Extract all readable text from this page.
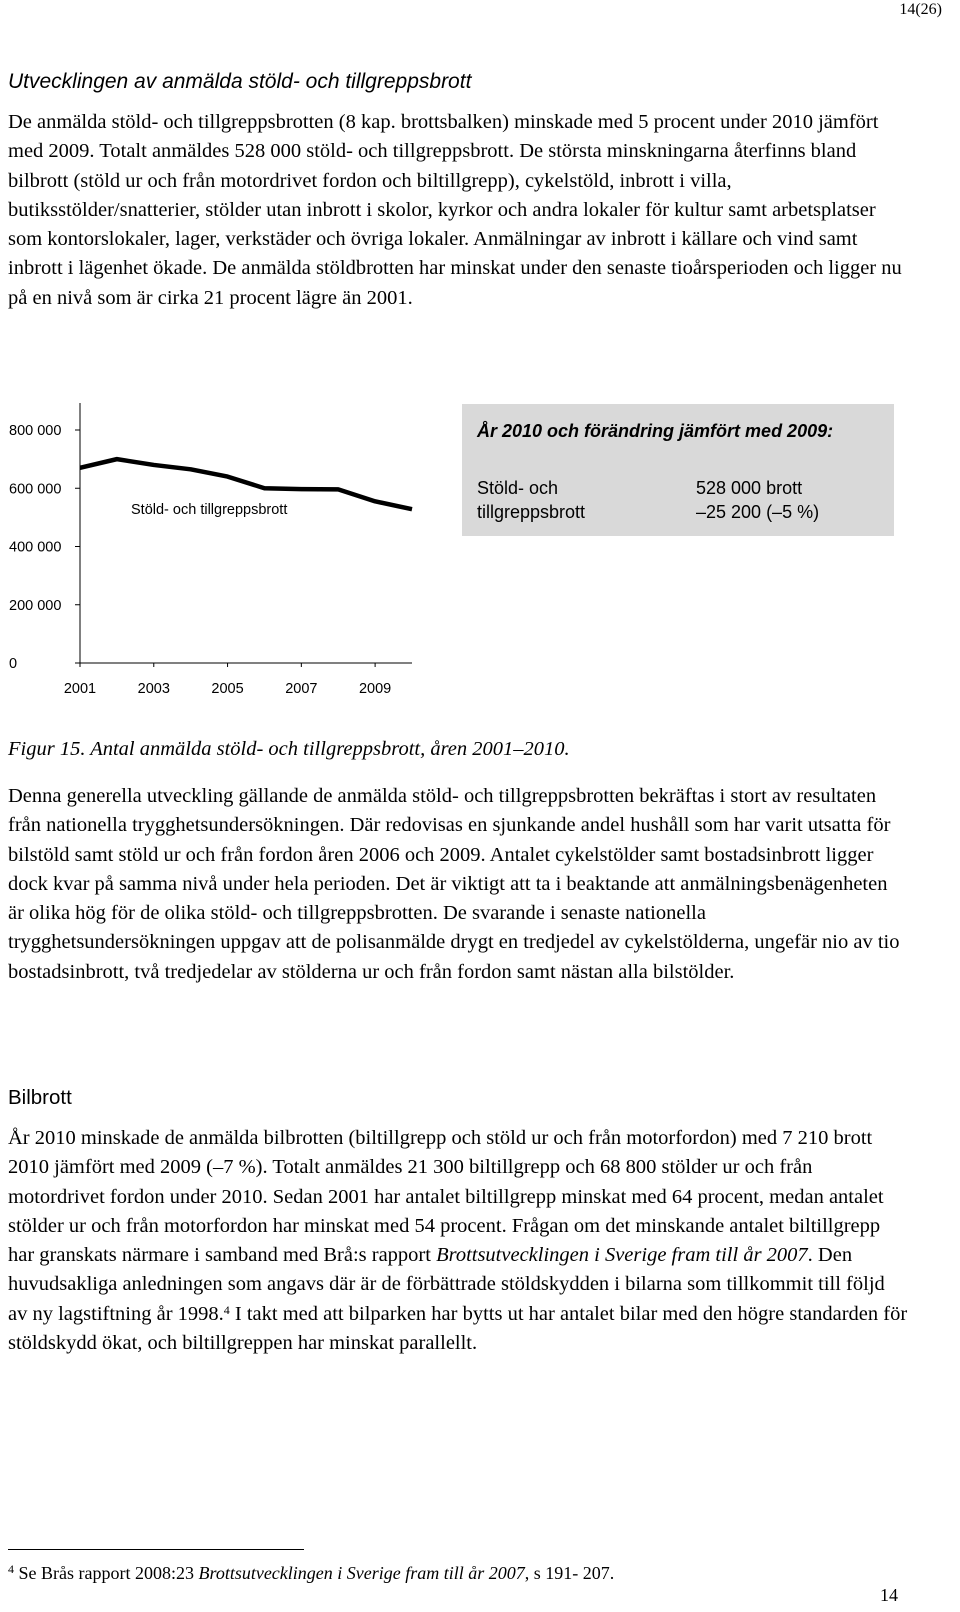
14(26)
Utvecklingen av anmälda stöld- och tillgreppsbrott

De anmälda stöld- och tillgreppsbrotten (8 kap. brottsbalken) minskade med 5 procent under 2010 jämfört med 2009. Totalt anmäldes 528 000 stöld- och tillgreppsbrott. De största minskningarna återfinns bland bilbrott (stöld ur och från motordrivet fordon och biltillgrepp), cykelstöld, inbrott i villa, butiksstölder/snatterier, stölder utan inbrott i skolor, kyrkor och andra lokaler för kultur samt arbetsplatser som kontorslokaler, lager, verkstäder och övriga lokaler. Anmälningar av inbrott i källare och vind samt inbrott i lägenhet ökade. De anmälda stöldbrotten har minskat under den senaste tioårsperioden och ligger nu på en nivå som är cirka 21 procent lägre än 2001.

800 000
600 000
400 000
200 000
0
2001	2003	2005	2007	2009
Stöld- och tillgreppsbrott
År 2010 och förändring jämfört med 2009:
Stöld- och tillgreppsbrott
528 000 brott
–25 200 (–5 %)
Figur 15. Antal anmälda stöld- och tillgreppsbrott, åren 2001–2010.

Denna generella utveckling gällande de anmälda stöld- och tillgreppsbrotten bekräftas i stort av resultaten från nationella trygghetsundersökningen. Där redovisas en sjunkande andel hushåll som har varit utsatta för bilstöld samt stöld ur och från fordon åren 2006 och 2009. Antalet cykelstölder samt bostadsinbrott ligger dock kvar på samma nivå under hela perioden. Det är viktigt att ta i beaktande att anmälningsbenägenheten är olika hög för de olika stöld- och tillgreppsbrotten. De svarande i senaste nationella trygghetsundersökningen uppgav att de polisanmälde drygt en tredjedel av cykelstölderna, ungefär nio av tio bostadsinbrott, två tredjedelar av stölderna ur och från fordon samt nästan alla bilstölder.

Bilbrott

År 2010 minskade de anmälda bilbrotten (biltillgrepp och stöld ur och från motorfordon) med 7 210 brott 2010 jämfört med 2009 (–7 %). Totalt anmäldes 21 300 biltillgrepp och 68 800 stölder ur och från motordrivet fordon under 2010. Sedan 2001 har antalet biltillgrepp minskat med 64 procent, medan antalet stölder ur och från motorfordon har minskat med 54 procent. Frågan om det minskande antalet biltillgrepp har granskats närmare i samband med Brå:s rapport Brottsutvecklingen i Sverige fram till år 2007. Den huvudsakliga anledningen som angavs där är de förbättrade stöldskydden i bilarna som tillkommit till följd av ny lagstiftning år 1998.$^4$ I takt med att bilparken har bytts ut har antalet bilar med den högre standarden för stöldskydd ökat, och biltillgreppen har minskat parallellt.

$^4$ Se Brås rapport 2008:23 Brottsutvecklingen i Sverige fram till år 2007, s 191- 207.
14
